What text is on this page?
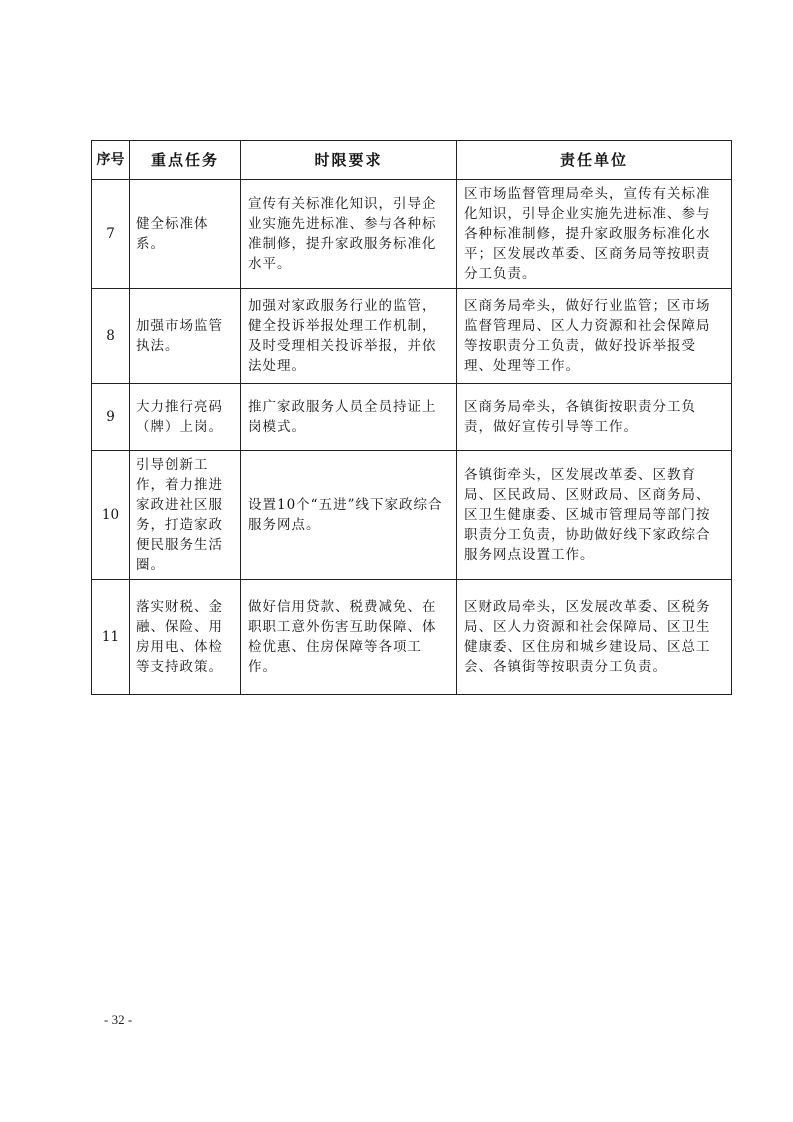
序号	重点任务	时限要求	责任单位
7	健全标准体系。	宣传有关标准化知识，引导企业实施先进标准、参与各种标准制修，提升家政服务标准化水平。	区市场监督管理局牵头，宣传有关标准化知识，引导企业实施先进标准、参与各种标准制修，提升家政服务标准化水平；区发展改革委、区商务局等按职责分工负责。
8	加强市场监管执法。	加强对家政服务行业的监管，健全投诉举报处理工作机制，及时受理相关投诉举报，并依法处理。	区商务局牵头，做好行业监管；区市场监督管理局、区人力资源和社会保障局等按职责分工负责，做好投诉举报受理、处理等工作。
9	大力推行亮码（牌）上岗。	推广家政服务人员全员持证上岗模式。	区商务局牵头，各镇街按职责分工负责，做好宣传引导等工作。
10	引导创新工作，着力推进家政进社区服务，打造家政便民服务生活圈。	设置10个“五进”线下家政综合服务网点。	各镇街牵头，区发展改革委、区教育局、区民政局、区财政局、区商务局、区卫生健康委、区城市管理局等部门按职责分工负责，协助做好线下家政综合服务网点设置工作。
11	落实财税、金融、保险、用房用电、体检等支持政策。	做好信用贷款、税费减免、在职职工意外伤害互助保障、体检优惠、住房保障等各项工作。	区财政局牵头，区发展改革委、区税务局、区人力资源和社会保障局、区卫生健康委、区住房和城乡建设局、区总工会、各镇街等按职责分工负责。
- 32 -
